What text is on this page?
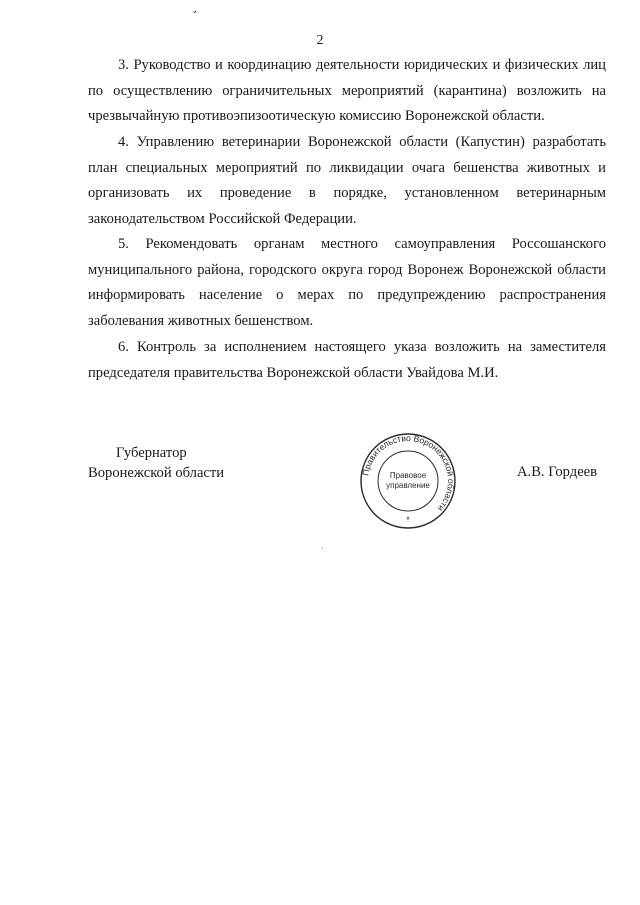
ˇ
2

3. Руководство и координацию деятельности юридических и физических лиц по осуществлению ограничительных мероприятий (карантина) возложить на чрезвычайную противоэпизоотическую комиссию Воронежской области.

4. Управлению ветеринарии Воронежской области (Капустин) разработать план специальных мероприятий по ликвидации очага бешенства животных и организовать их проведение в порядке, установленном ветеринарным законодательством Российской Федерации.

5. Рекомендовать органам местного самоуправления Россошанского муниципального района, городского округа город Воронеж Воронежской области информировать население о мерах по предупреждению распространения заболевания животных бешенством.

6. Контроль за исполнением настоящего указа возложить на заместителя председателя правительства Воронежской области Увайдова М.И.

Губернатор
Воронежской области	Правительство Воронежской области
Правовое
управление
*
А.В. Гордеев
